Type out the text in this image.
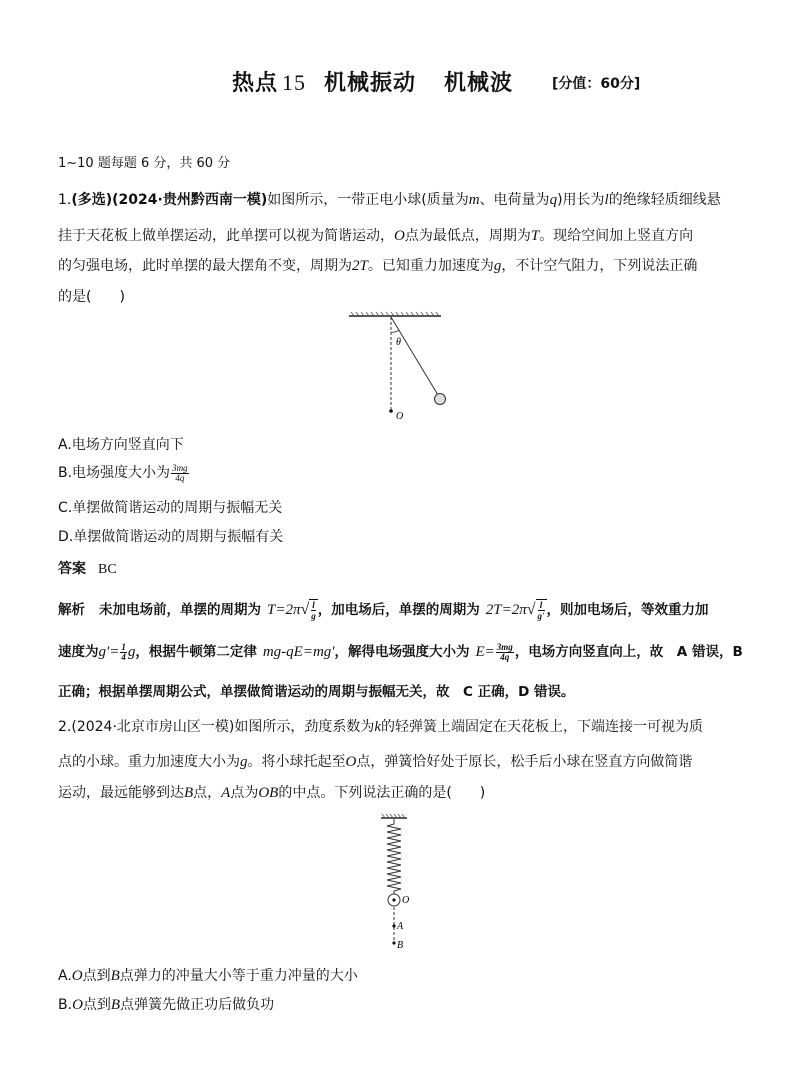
热点 15 机械振动 机械波	[分值：60分]
1~10 题每题 6 分，共 60 分
1.(多选)(2024·贵州黔西南一模)如图所示，一带正电小球(质量为m、电荷量为q)用长为l的绝缘轻质细线悬
挂于天花板上做单摆运动，此单摆可以视为简谐运动，O点为最低点，周期为T。现给空间加上竖直方向
的匀强电场，此时单摆的最大摆角不变，周期为2T。已知重力加速度为g，不计空气阻力，下列说法正确
的是(　　)
θ
O
A.电场方向竖直向下
B.电场强度大小为 $\frac{3mg}{4q}$
C.单摆做简谐运动的周期与振幅无关
D.单摆做简谐运动的周期与振幅有关
答案 BC
解析 未加电场前，单摆的周期为 $T=2\pi√ \frac{l}{g}$ ，加电场后，单摆的周期为 $2T=2\pi√ \frac{l}{g'}$ ，则加电场后，等效重力加
速度为$g'= \frac{1}{4}$ g，根据牛顿第二定律 mg-qE=mg'，解得电场强度大小为 $E= \frac{3mg}{4q}$ ，电场方向竖直向上，故　A 错误，B
正确；根据单摆周期公式，单摆做简谐运动的周期与振幅无关，故　C 正确，D 错误。
2.(2024·北京市房山区一模)如图所示，劲度系数为k的轻弹簧上端固定在天花板上，下端连接一可视为质
点的小球。重力加速度大小为g。将小球托起至O点，弹簧恰好处于原长，松手后小球在竖直方向做简谐
运动，最远能够到达B点，A点为OB的中点。下列说法正确的是(　　)
O
A
B
A.O点到B点弹力的冲量大小等于重力冲量的大小
B.O点到B点弹簧先做正功后做负功
